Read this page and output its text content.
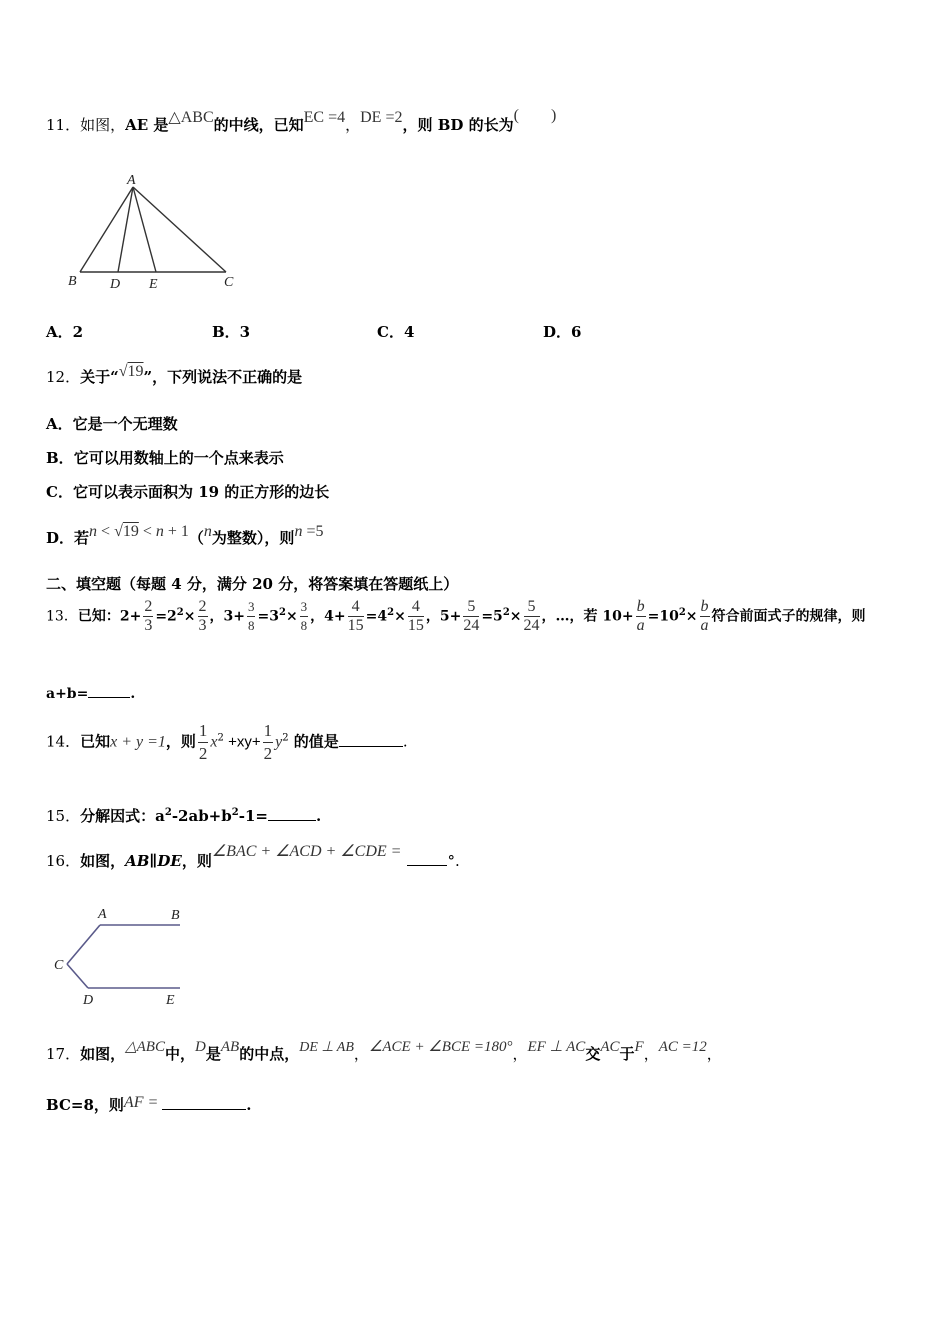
11．如图，AE 是△ABC的中线，已知EC =4，DE =2，则 BD 的长为(　　)
A
B D E	C
A．2	B．3	C．4	D．6
12．关于“√19”，下列说法不正确的是
A．它是一个无理数
B．它可以用数轴上的一个点来表示
C．它可以表示面积为 19 的正方形的边长
D．若n < √19 < n + 1（n为整数），则n =5
二、填空题（每题 4 分，满分 20 分，将答案填在答题纸上）
13．已知：$2+ \frac{2}{3} =2^2\times \frac{2}{3}$ ，$3+ \frac{3}{8} =3^2\times \frac{3}{8}$ ，$4+ \frac{4}{15} =4^2\times \frac{4}{15}$ ，$5+ \frac{5}{24} =5^2\times \frac{5}{24}$ ，…，若 $10+ \frac{b}{a} =10^2\times \frac{b}{a}$ 符合前面式子的规律，则
a+b=	.
14．已知x + y =1，则 $\frac{1}{2} x^2 +xy+ \frac{1}{2} y^2$ 的值是	.
15．分解因式：$a^2-2ab+b^2-1=$	.
16．如图，AB∥DE，则∠BAC + ∠ACD + ∠CDE =°.
A	B
C
D	E
17．如图，△ABC中，D是AB的中点，DE ⊥ AB，∠ACE + ∠BCE =180°，EF ⊥ AC交AC于F，AC =12，
BC=8，则AF =	.
